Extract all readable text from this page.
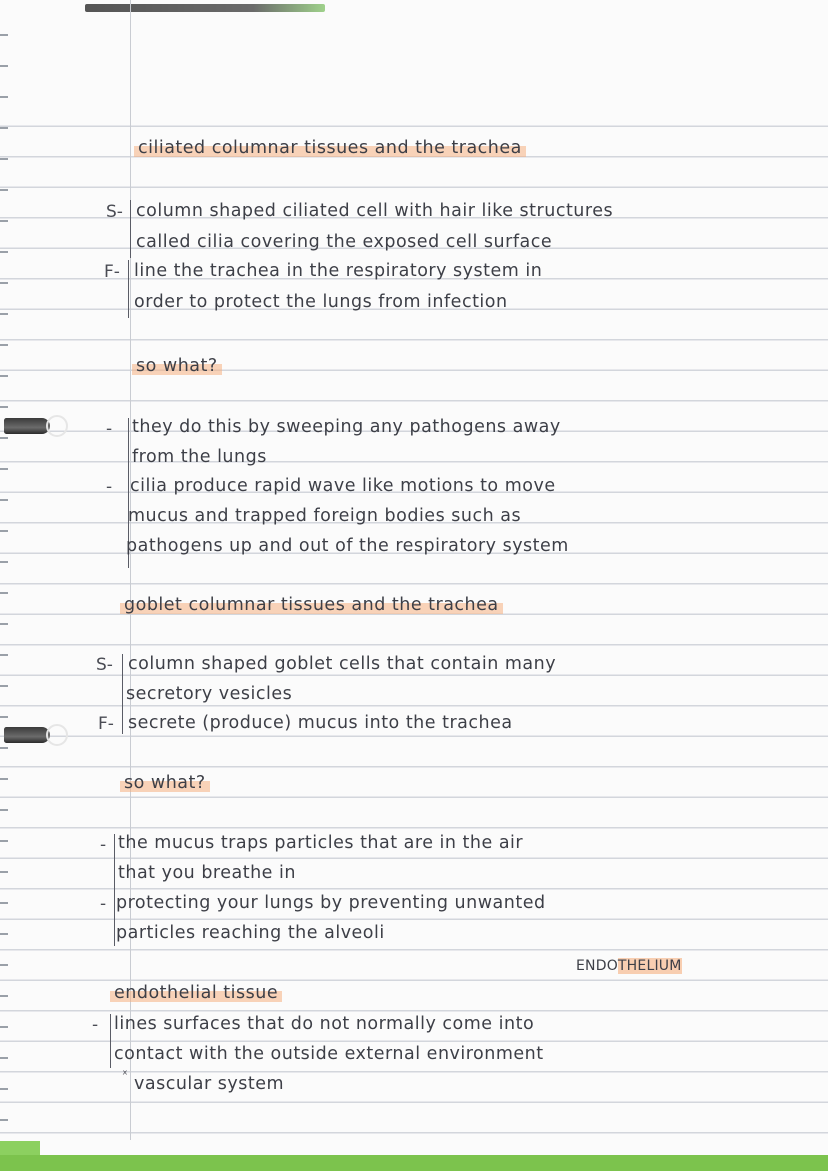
ciliated columnar tissues and the trachea
S- column shaped ciliated cell with hair like structures
called cilia covering the exposed cell surface
F- line the trachea in the respiratory system in
order to protect the lungs from infection
so what?
- they do this by sweeping any pathogens away
from the lungs
- cilia produce rapid wave like motions to move
mucus and trapped foreign bodies such as
pathogens up and out of the respiratory system
goblet columnar tissues and the trachea
S- column shaped goblet cells that contain many
secretory vesicles
F- secrete (produce) mucus into the trachea
so what?
- the mucus traps particles that are in the air
that you breathe in
- protecting your lungs by preventing unwanted
particles reaching the alveoli
ENDOTHELIUM
endothelial tissue
- lines surfaces that do not normally come into
contact with the outside external environment
ˣ vascular system
